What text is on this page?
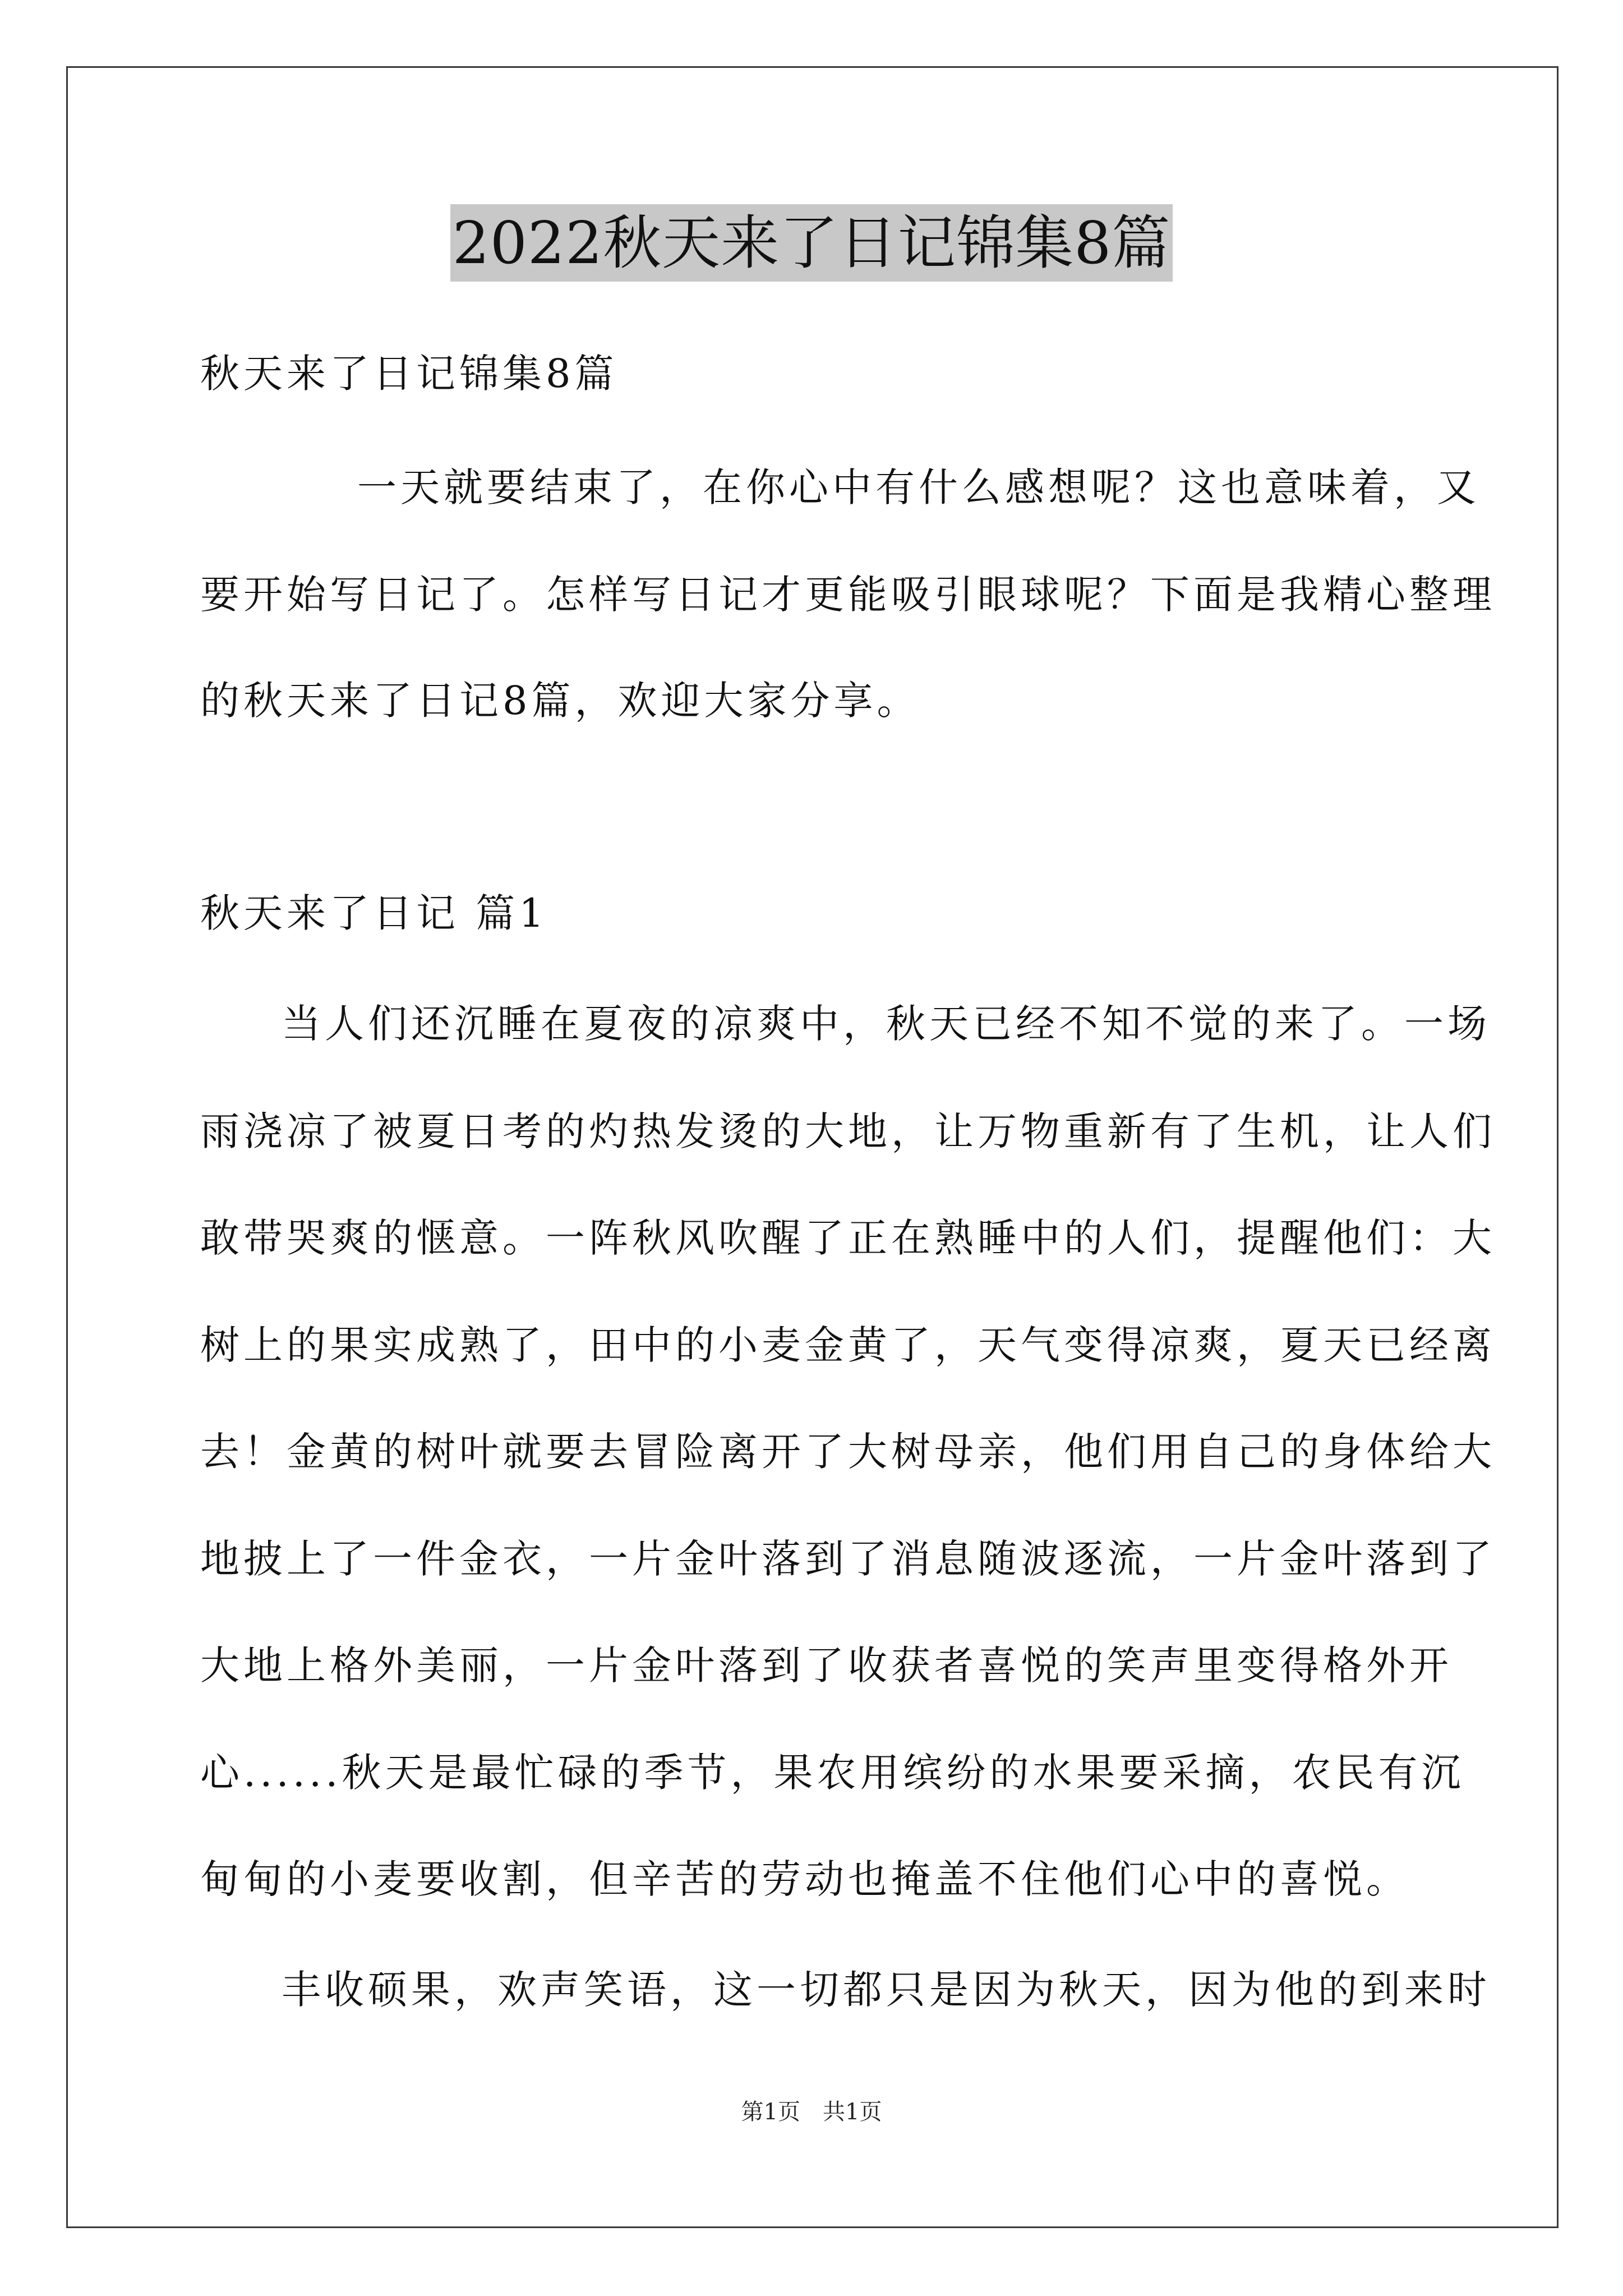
2022秋天来了日记锦集8篇
秋天来了日记锦集8篇
一天就要结束了，在你心中有什么感想呢？这也意味着，又
要开始写日记了。怎样写日记才更能吸引眼球呢？下面是我精心整理
的秋天来了日记8篇，欢迎大家分享。
秋天来了日记 篇1
当人们还沉睡在夏夜的凉爽中，秋天已经不知不觉的来了。一场
雨浇凉了被夏日考的灼热发烫的大地，让万物重新有了生机，让人们
敢带哭爽的惬意。一阵秋风吹醒了正在熟睡中的人们，提醒他们：大
树上的果实成熟了，田中的小麦金黄了，天气变得凉爽，夏天已经离
去！金黄的树叶就要去冒险离开了大树母亲，他们用自己的身体给大
地披上了一件金衣，一片金叶落到了消息随波逐流，一片金叶落到了
大地上格外美丽，一片金叶落到了收获者喜悦的笑声里变得格外开
心......秋天是最忙碌的季节，果农用缤纷的水果要采摘，农民有沉
甸甸的小麦要收割，但辛苦的劳动也掩盖不住他们心中的喜悦。
丰收硕果，欢声笑语，这一切都只是因为秋天，因为他的到来时
第1页　共1页
